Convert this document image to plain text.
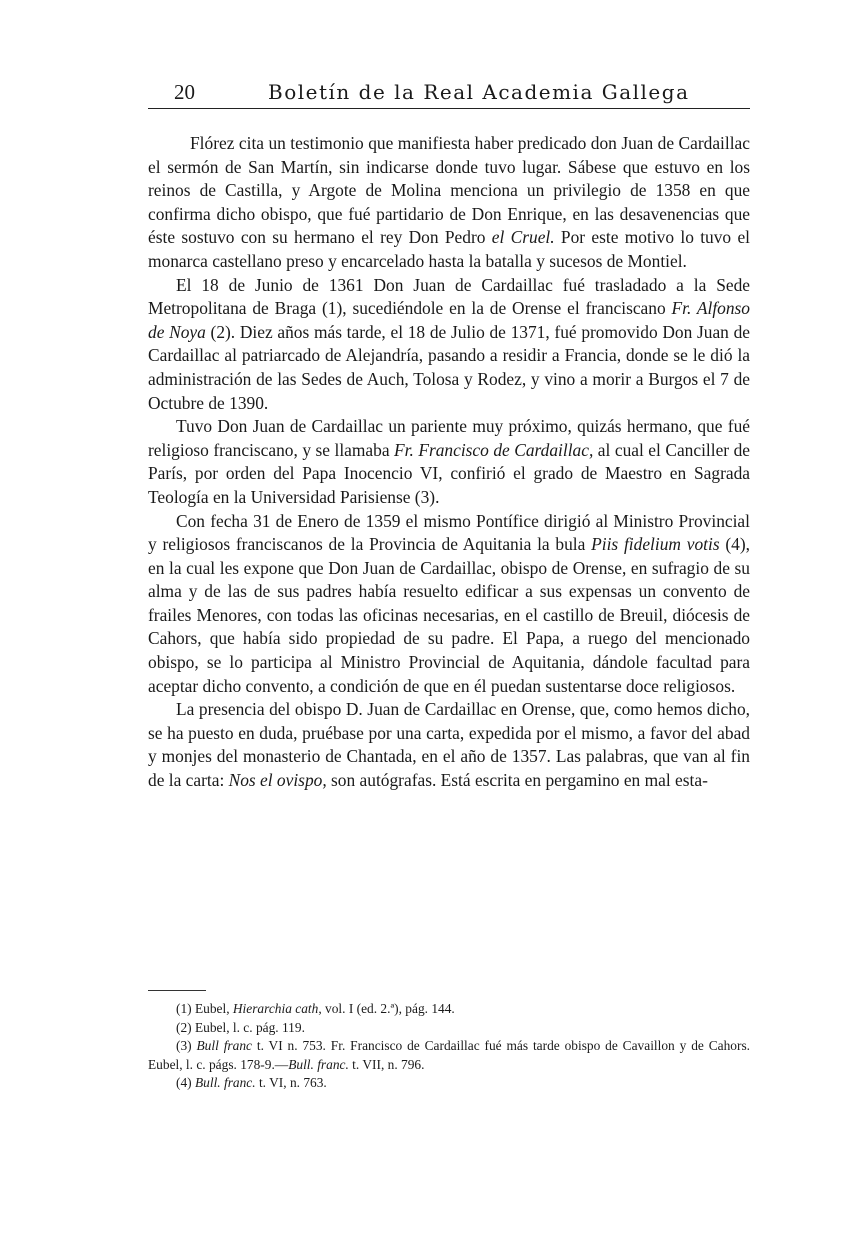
20	Boletín de la Real Academia Gallega

Flórez cita un testimonio que manifiesta haber predicado don Juan de Cardaillac el sermón de San Martín, sin indicarse donde tuvo lugar. Sábese que estuvo en los reinos de Castilla, y Argote de Molina menciona un privilegio de 1358 en que confirma dicho obispo, que fué partidario de Don Enrique, en las desavenencias que éste sostuvo con su hermano el rey Don Pedro el Cruel. Por este motivo lo tuvo el monarca castellano preso y encarcelado hasta la batalla y sucesos de Montiel.

El 18 de Junio de 1361 Don Juan de Cardaillac fué trasladado a la Sede Metropolitana de Braga (1), sucediéndole en la de Orense el franciscano Fr. Alfonso de Noya (2). Diez años más tarde, el 18 de Julio de 1371, fué promovido Don Juan de Cardaillac al patriarcado de Alejandría, pasando a residir a Francia, donde se le dió la administración de las Sedes de Auch, Tolosa y Rodez, y vino a morir a Burgos el 7 de Octubre de 1390.

Tuvo Don Juan de Cardaillac un pariente muy próximo, quizás hermano, que fué religioso franciscano, y se llamaba Fr. Francisco de Cardaillac, al cual el Canciller de París, por orden del Papa Inocencio VI, confirió el grado de Maestro en Sagrada Teología en la Universidad Parisiense (3).

Con fecha 31 de Enero de 1359 el mismo Pontífice dirigió al Ministro Provincial y religiosos franciscanos de la Provincia de Aquitania la bula Piis fidelium votis (4), en la cual les expone que Don Juan de Cardaillac, obispo de Orense, en sufragio de su alma y de las de sus padres había resuelto edificar a sus expensas un convento de frailes Menores, con todas las oficinas necesarias, en el castillo de Breuil, diócesis de Cahors, que había sido propiedad de su padre. El Papa, a ruego del mencionado obispo, se lo participa al Ministro Provincial de Aquitania, dándole facultad para aceptar dicho convento, a condición de que en él puedan sustentarse doce religiosos.

La presencia del obispo D. Juan de Cardaillac en Orense, que, como hemos dicho, se ha puesto en duda, pruébase por una carta, expedida por el mismo, a favor del abad y monjes del monasterio de Chantada, en el año de 1357. Las palabras, que van al fin de la carta: Nos el ovispo, son autógrafas. Está escrita en pergamino en mal esta-

(1) Eubel, Hierarchia cath, vol. I (ed. 2.ª), pág. 144.

(2) Eubel, l. c. pág. 119.

(3) Bull franc t. VI n. 753. Fr. Francisco de Cardaillac fué más tarde obispo de Cavaillon y de Cahors. Eubel, l. c. págs. 178-9.—Bull. franc. t. VII, n. 796.

(4) Bull. franc. t. VI, n. 763.
